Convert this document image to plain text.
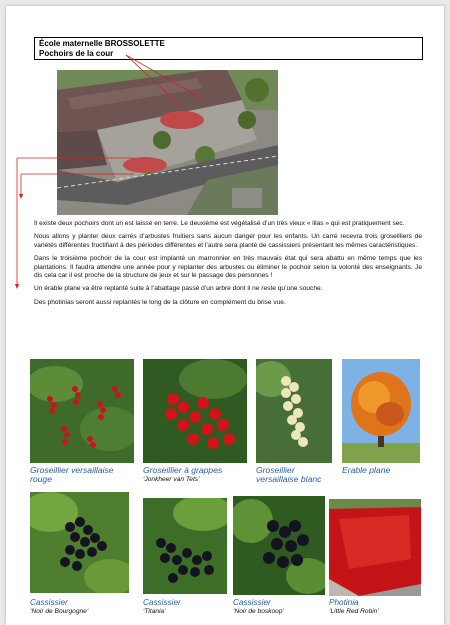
École maternelle BROSSOLETTE
Pochoirs de la cour

Il existe deux pochoirs dont un est laissé en terre. Le deuxième est végétalisé d’un très vieux « lilas » qui est pratiquement sec.

Nous allons y planter deux carrés d’arbustes fruitiers sans aucun danger pour les enfants. Un carré recevra trois groseilliers de variétés différentes fructifiant à des périodes différentes et l’autre sera planté de cassissiers présentant les mêmes caractéristiques.

Dans le troisième pochoir de la cour est implanté un marronnier en très mauvais état qui sera abattu en même temps que les plantations. Il faudra attendre une année pour y replanter des arbustes ou éliminer le pochoir selon la volonté des enseignants. Je dis cela car il est proche de la structure de jeux et sur le passage des personnes !

Un érable plane va être replanté suite à l’abattage passé d’un arbre dont il ne reste qu’une souche.

Des photinias seront aussi replantés le long de la clôture en complément du brise vue.

Groseillier versaillaise
rouge
Groseillier à grappes
‘Jonkheer van Tets’
Groseillier
versaillaise blanc
Erable plane
Cassissier
‘Noir de Bourgogne’
Cassissier
‘Titania’
Cassissier
‘Noir de boskoop’
Photinia
‘Little Red Robin’
